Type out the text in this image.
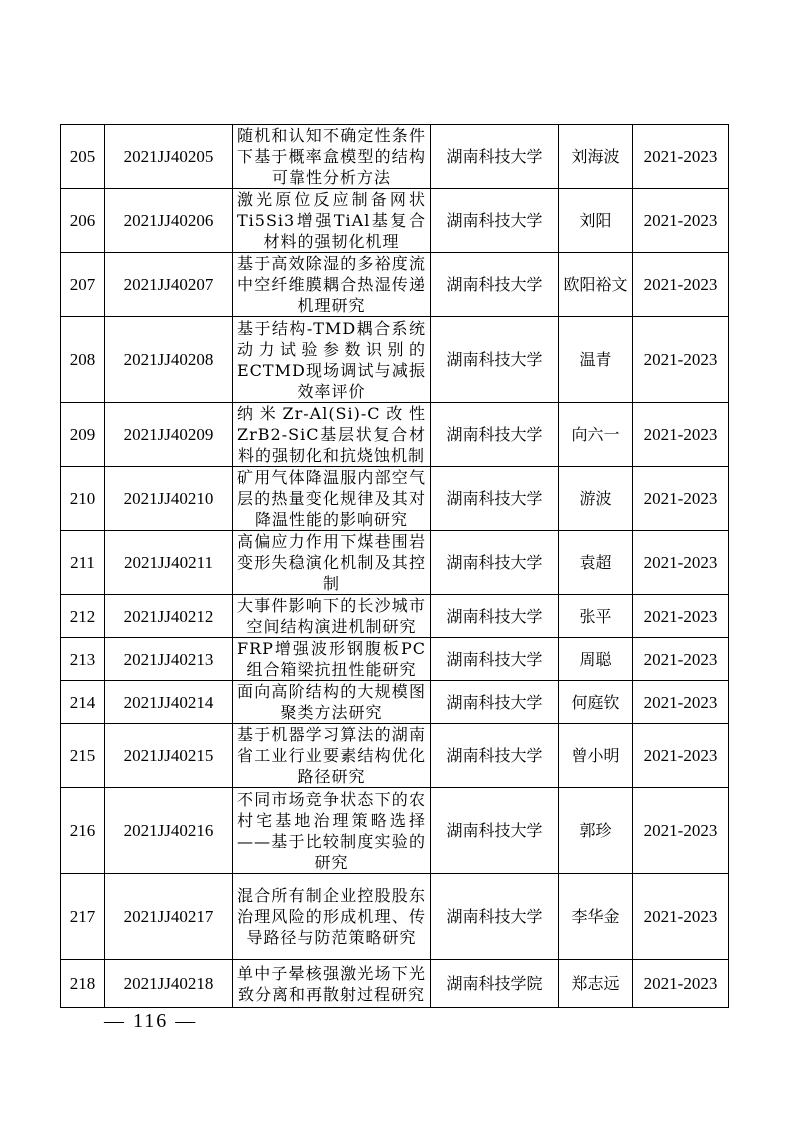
205	2021JJ40205	随机和认知不确定性条件下基于概率盒模型的结构可靠性分析方法	湖南科技大学	刘海波	2021-2023
206	2021JJ40206	激光原位反应制备网状Ti5Si3增强TiAl基复合材料的强韧化机理	湖南科技大学	刘阳	2021-2023
207	2021JJ40207	基于高效除湿的多裕度流中空纤维膜耦合热湿传递机理研究	湖南科技大学	欧阳裕文	2021-2023
208	2021JJ40208	基于结构-TMD耦合系统动力试验参数识别的ECTMD现场调试与减振效率评价	湖南科技大学	温青	2021-2023
209	2021JJ40209	纳米Zr-Al(Si)-C改性ZrB2-SiC基层状复合材料的强韧化和抗烧蚀机制	湖南科技大学	向六一	2021-2023
210	2021JJ40210	矿用气体降温服内部空气层的热量变化规律及其对降温性能的影响研究	湖南科技大学	游波	2021-2023
211	2021JJ40211	高偏应力作用下煤巷围岩变形失稳演化机制及其控制	湖南科技大学	袁超	2021-2023
212	2021JJ40212	大事件影响下的长沙城市空间结构演进机制研究	湖南科技大学	张平	2021-2023
213	2021JJ40213	FRP增强波形钢腹板PC组合箱梁抗扭性能研究	湖南科技大学	周聪	2021-2023
214	2021JJ40214	面向高阶结构的大规模图聚类方法研究	湖南科技大学	何庭钦	2021-2023
215	2021JJ40215	基于机器学习算法的湖南省工业行业要素结构优化路径研究	湖南科技大学	曾小明	2021-2023
216	2021JJ40216	不同市场竞争状态下的农村宅基地治理策略选择——基于比较制度实验的研究	湖南科技大学	郭珍	2021-2023
217	2021JJ40217	混合所有制企业控股股东治理风险的形成机理、传导路径与防范策略研究	湖南科技大学	李华金	2021-2023
218	2021JJ40218	单中子晕核强激光场下光致分离和再散射过程研究	湖南科技学院	郑志远	2021-2023
— 116 —
